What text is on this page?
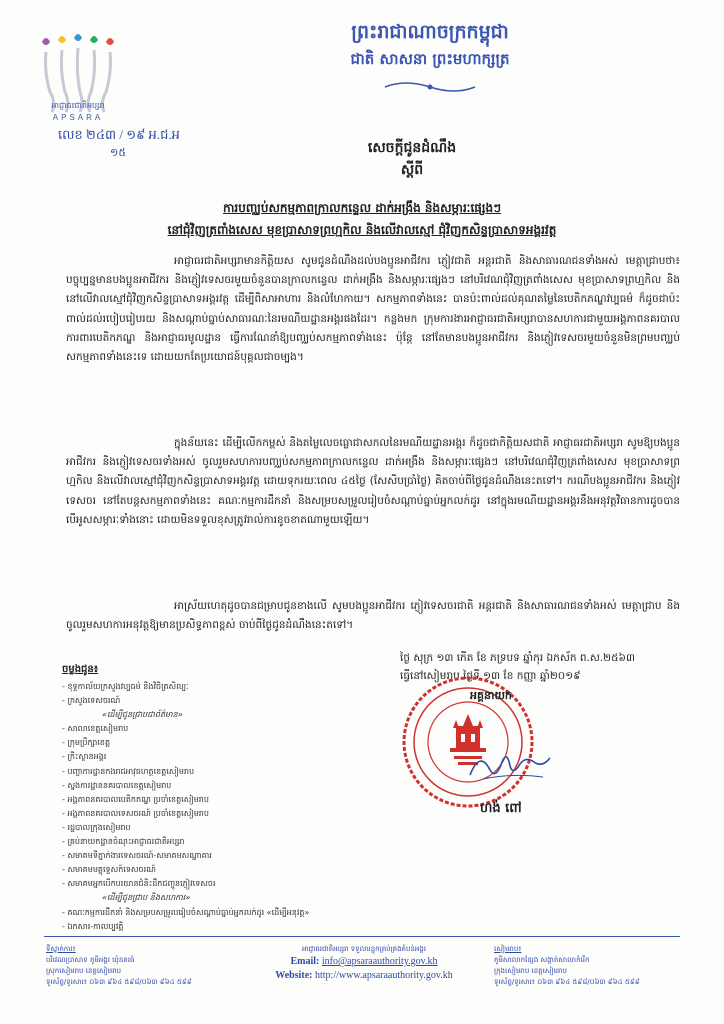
អាជ្ញាធរជាតិអប្សរា
APSARA
ព្រះរាជាណាចក្រកម្ពុជា
ជាតិ សាសនា ព្រះមហាក្សត្រ
លេខ ២៤៣ / ១៩ អ.ជ.អ
១៥	សេចក្តីជូនដំណឹង
ស្តីពី
ការបញ្ឈប់សកម្មភាពក្រាលកន្ទេល ដាក់អង្រឹង និងសម្ភារៈផ្សេងៗ
នៅជុំវិញត្រពាំងសេស មុខប្រាសាទព្រហ្មកិល និងលើវាលស្មៅ ជុំវិញកសិន្ទប្រាសាទអង្គរវត្ត
អាជ្ញាធរជាតិអប្សរាមានកិត្តិយស សូមជូនដំណឹងដល់បងប្អូនអាជីវករ ភ្ញៀវជាតិ អន្តរជាតិ និងសាធារណជនទាំងអស់ មេត្តាជ្រាបថា៖ បច្ចុប្បន្នមានបងប្អូនអាជីវករ និងភ្ញៀវទេសចរមួយចំនួនបានក្រាលកន្ទេល ដាក់អង្រឹង និងសម្ភារៈផ្សេងៗ នៅបរិវេណជុំវិញត្រពាំងសេស មុខប្រាសាទព្រហ្មកិល និងនៅលើវាលស្មៅជុំវិញកសិន្ទប្រាសាទអង្គរវត្ត ដើម្បីពិសាអាហារ និងលំហែកាយ។ សកម្មភាពទាំងនេះ បានប៉ះពាល់ដល់គុណតម្លៃនៃបេតិកភណ្ឌវប្បធម៌ ក៏ដូចជាប៉ះពាល់ដល់របៀបរៀបរយ និងសណ្តាប់ធ្នាប់សាធារណៈនៃរមណីយដ្ឋានអង្គរផងដែរ។ កន្លងមក ក្រុមការងារអាជ្ញាធរជាតិអប្សរាបានសហការជាមួយអង្គភាពនគរបាលការពារបេតិកភណ្ឌ និងអាជ្ញាធរមូលដ្ឋាន ធ្វើការណែនាំឱ្យបញ្ឈប់សកម្មភាពទាំងនេះ ប៉ុន្តែ នៅតែមានបងប្អូនអាជីវករ និងភ្ញៀវទេសចរមួយចំនួនមិនព្រមបញ្ឈប់សកម្មភាពទាំងនេះទេ ដោយយកតែប្រយោជន៍បុគ្គលជាចម្បង។
ក្នុងន័យនេះ ដើម្បីលើកកម្ពស់ និងតម្លៃលេចធ្លោជាសកលនៃរមណីយដ្ឋានអង្គរ ក៏ដូចជាកិត្តិយសជាតិ អាជ្ញាធរជាតិអប្សរា សូមឱ្យបងប្អូនអាជីវករ និងភ្ញៀវទេសចរទាំងអស់ ចូលរួមសហការបញ្ឈប់សកម្មភាពក្រាលកន្ទេល ដាក់អង្រឹង និងសម្ភារៈផ្សេងៗ នៅបរិវេណជុំវិញត្រពាំងសេស មុខប្រាសាទព្រហ្មកិល និងលើវាលស្មៅជុំវិញកសិន្ទប្រាសាទអង្គរវត្ត ដោយទុករយៈពេល ៤៥ថ្ងៃ (សែសិបប្រាំថ្ងៃ) គិតចាប់ពីថ្ងៃជូនដំណឹងនេះតទៅ។ ករណីបងប្អូនអាជីវករ និងភ្ញៀវទេសចរ នៅតែបន្តសកម្មភាពទាំងនេះ គណៈកម្មការដឹកនាំ និងសម្របសម្រួលរៀបចំសណ្តាប់ធ្នាប់អ្នកលក់ដូរ នៅក្នុងរមណីយដ្ឋានអង្គរនឹងអនុវត្តវិធានការដូចបាន បើអូសសម្ភារៈទាំងនោះ ដោយមិនទទួលខុសត្រូវរាល់ការខូចខាតណាមួយឡើយ។
អាស្រ័យហេតុដូចបានជម្រាបជូនខាងលើ សូមបងប្អូនអាជីវករ ភ្ញៀវទេសចរជាតិ អន្តរជាតិ និងសាធារណជនទាំងអស់ មេត្តាជ្រាប និងចូលរួមសហការអនុវត្តឱ្យមានប្រសិទ្ធភាពខ្ពស់ ចាប់ពីថ្ងៃជូនដំណឹងនេះតទៅ។
ថ្ងៃ សុក្រ ១៣ កើត ខែ ភទ្របទ ឆ្នាំកុរ ឯកស័ក ព.ស.២៥៦៣
ធ្វើនៅសៀមរាប ថ្ងៃទី ១៣ ខែ កញ្ញា ឆ្នាំ២០១៩
ចម្លងជូន៖
- ខុទ្ទកាល័យក្រសួងវប្បធម៌ និងវិចិត្រសិល្បៈ
- ក្រសួងទេសចរណ៍
«ដើម្បីជូនជ្រាបជាព័ត៌មាន»
- សាលាខេត្តសៀមរាប
- ក្រុមប្រឹក្សាខេត្ត
- ក្រីះស្ថានអង្គរ
- បញ្ជាការដ្ឋានកងរាជអាវុធហត្ថខេត្តសៀមរាប
- ស្នងការដ្ឋាននគរបាលខេត្តសៀមរាប
- អង្គភាពនគរបាលបេតិកភណ្ឌ ប្រចាំខេត្តសៀមរាប
- អង្គភាពនគរបាលទេសចរណ៍ ប្រចាំខេត្តសៀមរាប
- រដ្ឋបាលក្រុងសៀមរាប
- គ្រប់នាយកដ្ឋានចំណុះអាជ្ញាធរជាតិអប្សរា
- សមាគមទីភ្នាក់ងារទេសចរណ៍-សមាគមសណ្ឋាគារ
- សមាគមមគ្គុទ្ទេសក៍ទេសចរណ៍
- សមាគមអ្នកបើកបរយានជំនិះដឹកជញ្ជូនភ្ញៀវទេសចរ
«ដើម្បីជូនជ្រាប និងសហការ»
- គណៈកម្មការដឹកនាំ និងសម្របសម្រួលរៀបចំសណ្តាប់ធ្នាប់អ្នកលក់ដូរ «ដើម្បីអនុវត្ត»
- ឯកសារ-កាលប្បវត្តិ
អគ្គនាយក
ហង់ ពៅ
ទីស្នាក់ការ៖
បរិវេណប្រាសាទ ភូមិអង្គរ ឃុំនគរធំ
ស្រុកសៀមរាប ខេត្តសៀមរាប
ទូរស័ព្ទ/ទូរសារ៖ ០៦៣ ៩៦៤ ៥៩៨/០៦៣ ៩៦៤ ៥៩៩
អាជ្ញាធរជាតិអប្សរា ទទួលបន្ទុកគ្រប់គ្រងតំបន់អង្គរ
Email: info@apsaraauthority.gov.kh
Website: http://www.apsaraauthority.gov.kh
សៀមរាប៖
ភូមិសាលាកន្សែង សង្កាត់សាលាកំរើក
ក្រុងសៀមរាប ខេត្តសៀមរាប
ទូរស័ព្ទ/ទូរសារ៖ ០៦៣ ៩៦៤ ៥៩៨/០៦៣ ៩៦៤ ៥៩៩
